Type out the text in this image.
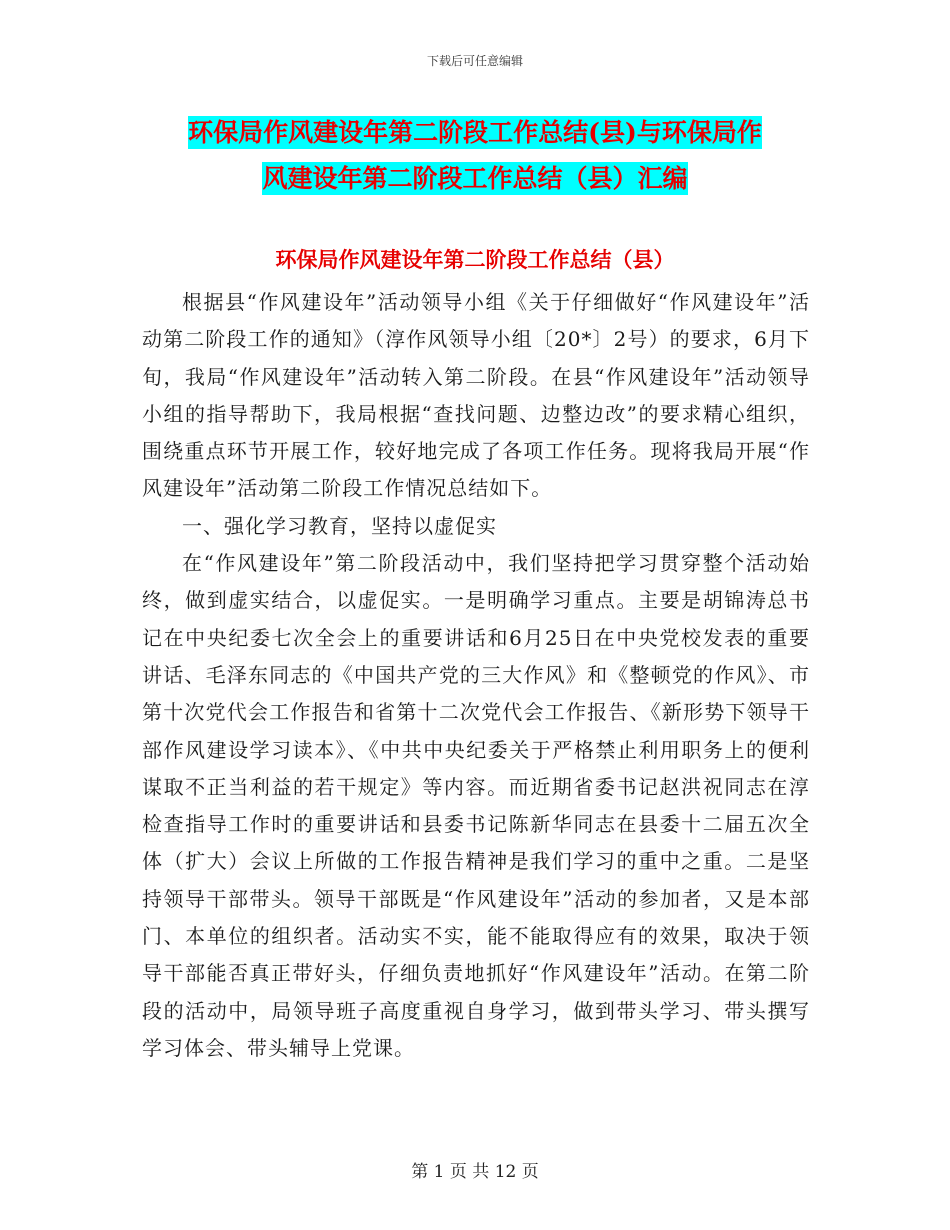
下载后可任意编辑
环保局作风建设年第二阶段工作总结(县)与环保局作
风建设年第二阶段工作总结（县）汇编
环保局作风建设年第二阶段工作总结（县）

根据县“作风建设年”活动领导小组《关于仔细做好“作风建设年”活动第二阶段工作的通知》（淳作风领导小组〔20*〕2号）的要求，6月下旬，我局“作风建设年”活动转入第二阶段。在县“作风建设年”活动领导小组的指导帮助下，我局根据“查找问题、边整边改”的要求精心组织，围绕重点环节开展工作，较好地完成了各项工作任务。现将我局开展“作风建设年”活动第二阶段工作情况总结如下。

一、强化学习教育，坚持以虚促实

在“作风建设年”第二阶段活动中，我们坚持把学习贯穿整个活动始终，做到虚实结合，以虚促实。一是明确学习重点。主要是胡锦涛总书记在中央纪委七次全会上的重要讲话和6月25日在中央党校发表的重要讲话、毛泽东同志的《中国共产党的三大作风》和《整顿党的作风》、市第十次党代会工作报告和省第十二次党代会工作报告、《新形势下领导干部作风建设学习读本》、《中共中央纪委关于严格禁止利用职务上的便利谋取不正当利益的若干规定》等内容。而近期省委书记赵洪祝同志在淳检查指导工作时的重要讲话和县委书记陈新华同志在县委十二届五次全体（扩大）会议上所做的工作报告精神是我们学习的重中之重。二是坚持领导干部带头。领导干部既是“作风建设年”活动的参加者，又是本部门、本单位的组织者。活动实不实，能不能取得应有的效果，取决于领导干部能否真正带好头，仔细负责地抓好“作风建设年”活动。在第二阶段的活动中，局领导班子高度重视自身学习，做到带头学习、带头撰写学习体会、带头辅导上党课。

第 1 页 共 12 页
